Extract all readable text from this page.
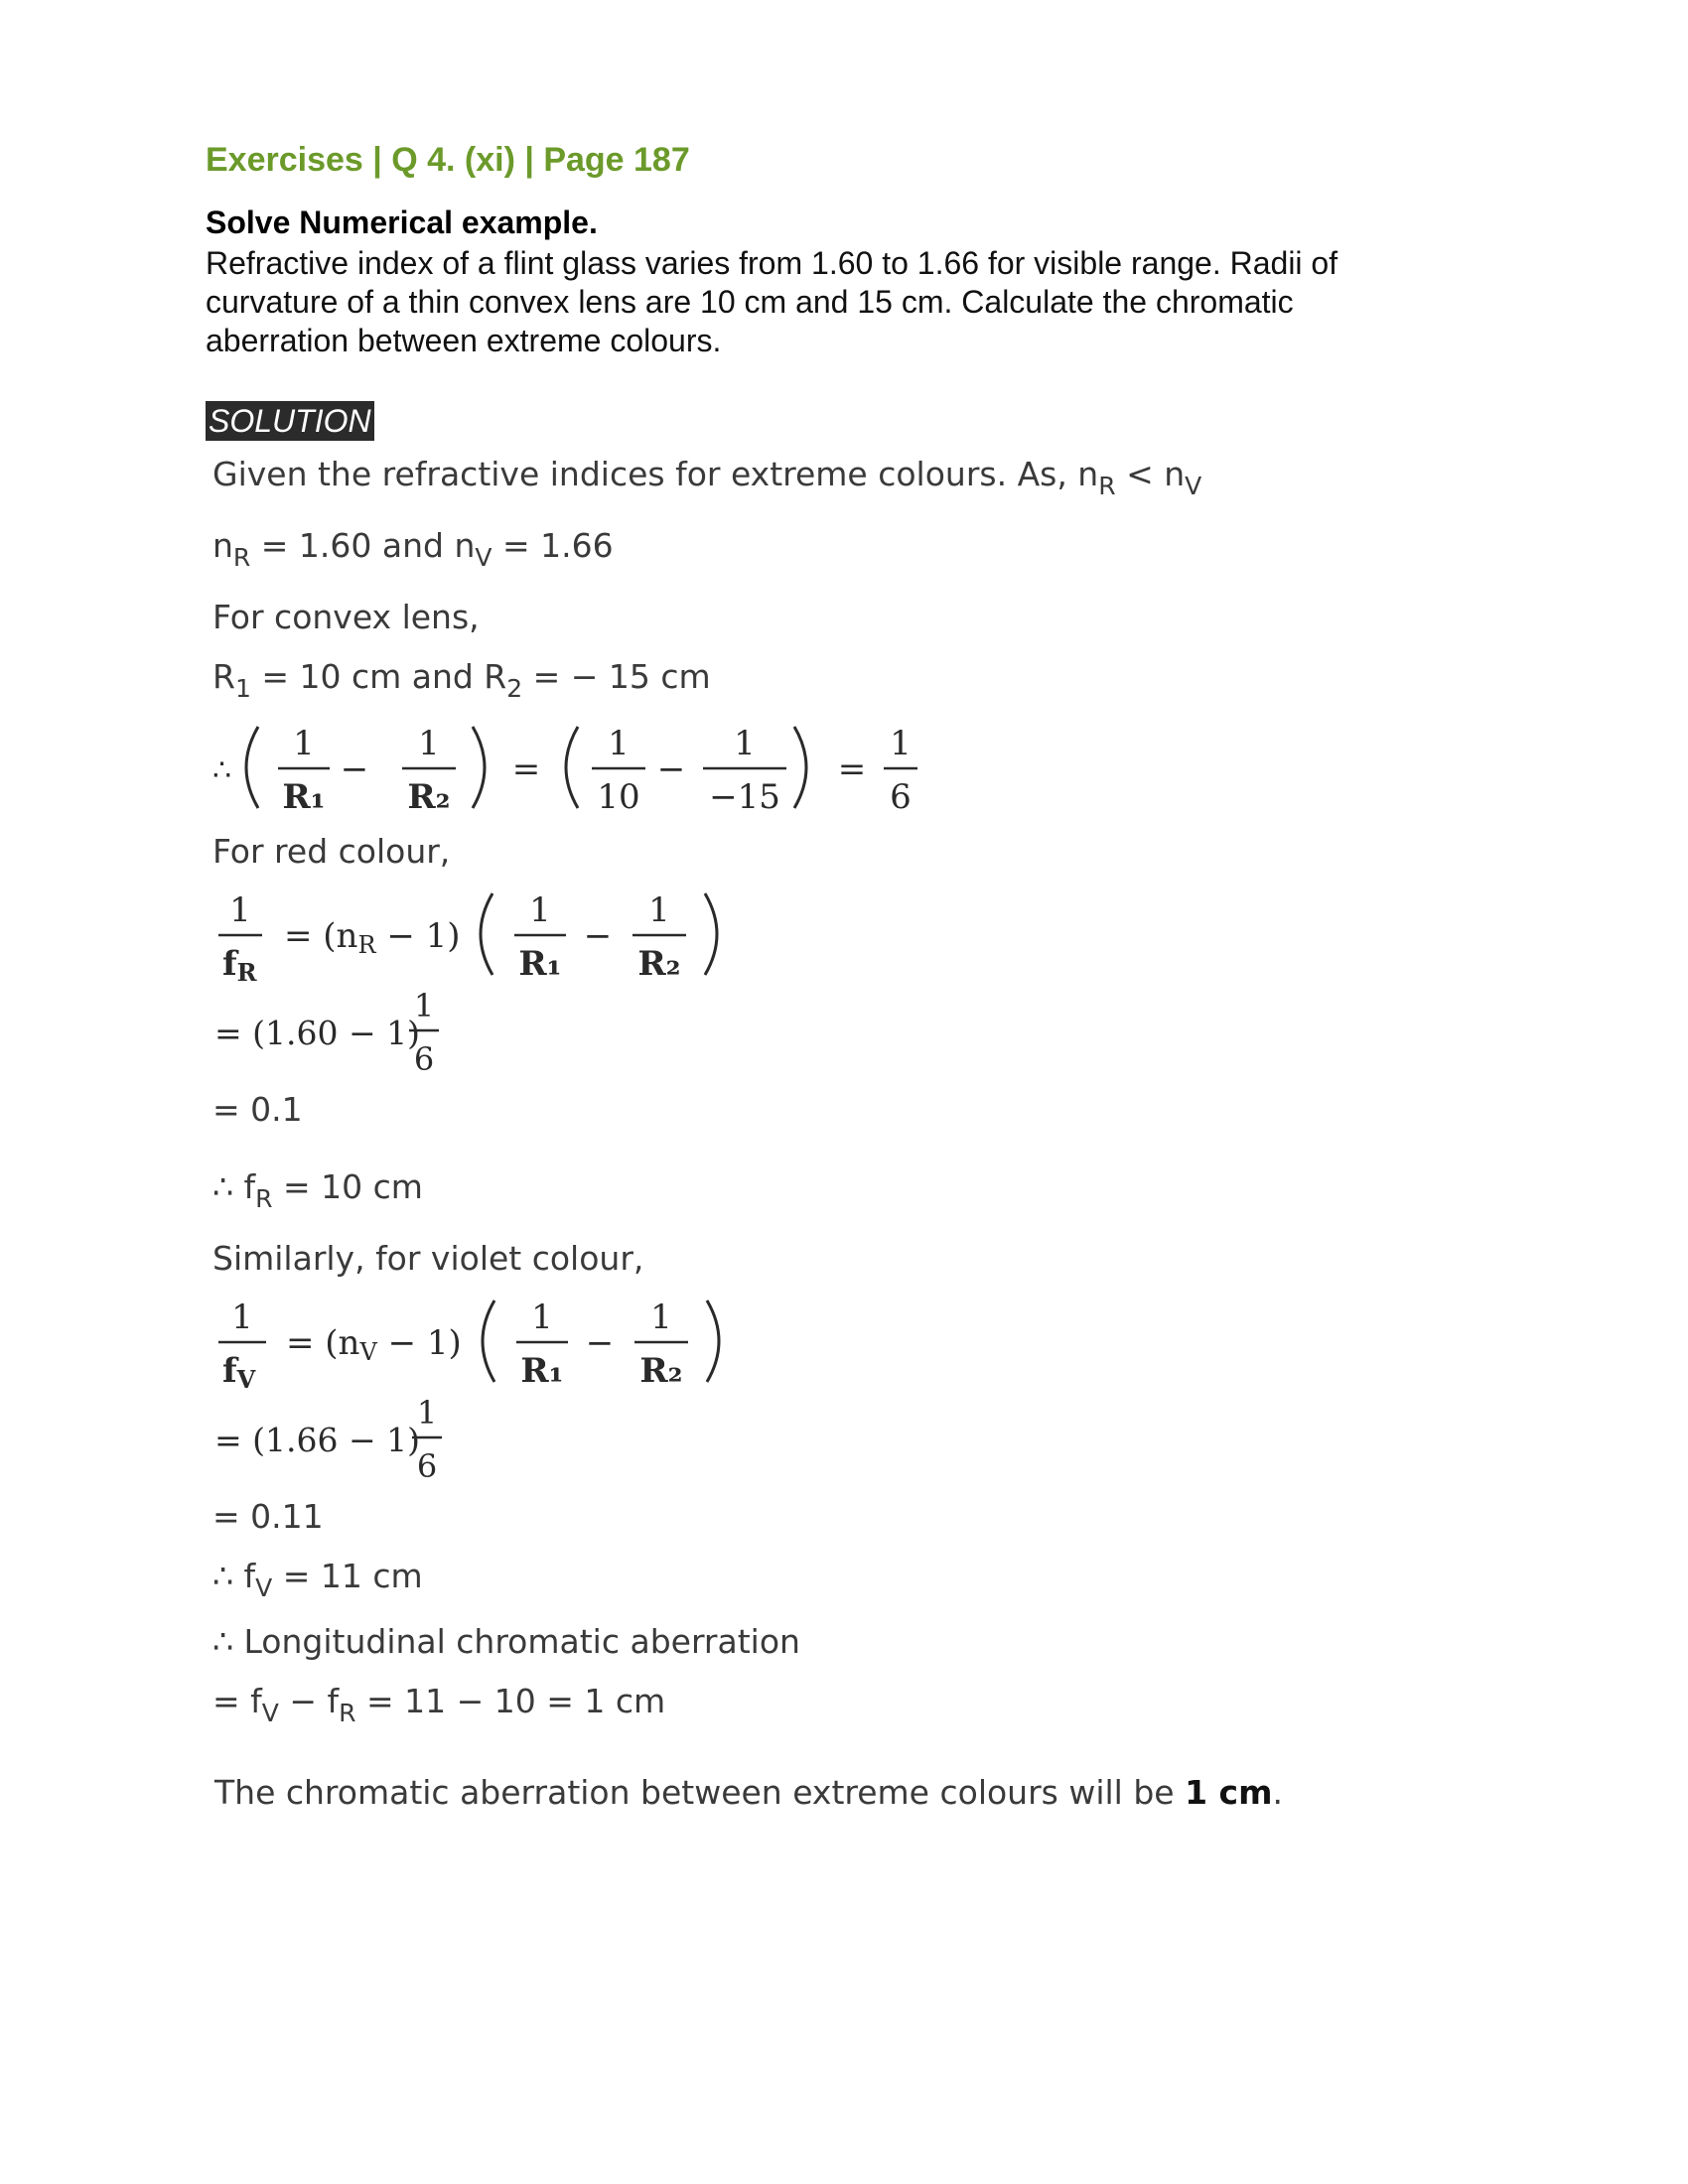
Exercises | Q 4. (xi) | Page 187
Solve Numerical example.
Refractive index of a flint glass varies from 1.60 to 1.66 for visible range. Radii of
curvature of a thin convex lens are 10 cm and 15 cm. Calculate the chromatic
aberration between extreme colours.
SOLUTION
Given the refractive indices for extreme colours. As, $n_R < n_V$
$n_R = 1.60$ and $n_V = 1.66$
For convex lens,
$R_1 = 10$ cm and $R_2$ = − 15 cm
∴
1
R₁
−
1
R₂
=
1
10
−
1
−15
=
1
6
For red colour,
1
fR
= (nR − 1)
1
R₁
−
1
R₂
= (1.60 − 1)
1
6
= 0.1
∴ $f_R = 10$ cm
Similarly, for violet colour,
1
fV
= (nV − 1)
1
R₁
−
1
R₂
= (1.66 − 1)
1
6
= 0.11
∴ $f_V = 11$ cm
∴ Longitudinal chromatic aberration
= $f_V - f_R = 11 - 10 = 1$ cm
The chromatic aberration between extreme colours will be 1 cm.
